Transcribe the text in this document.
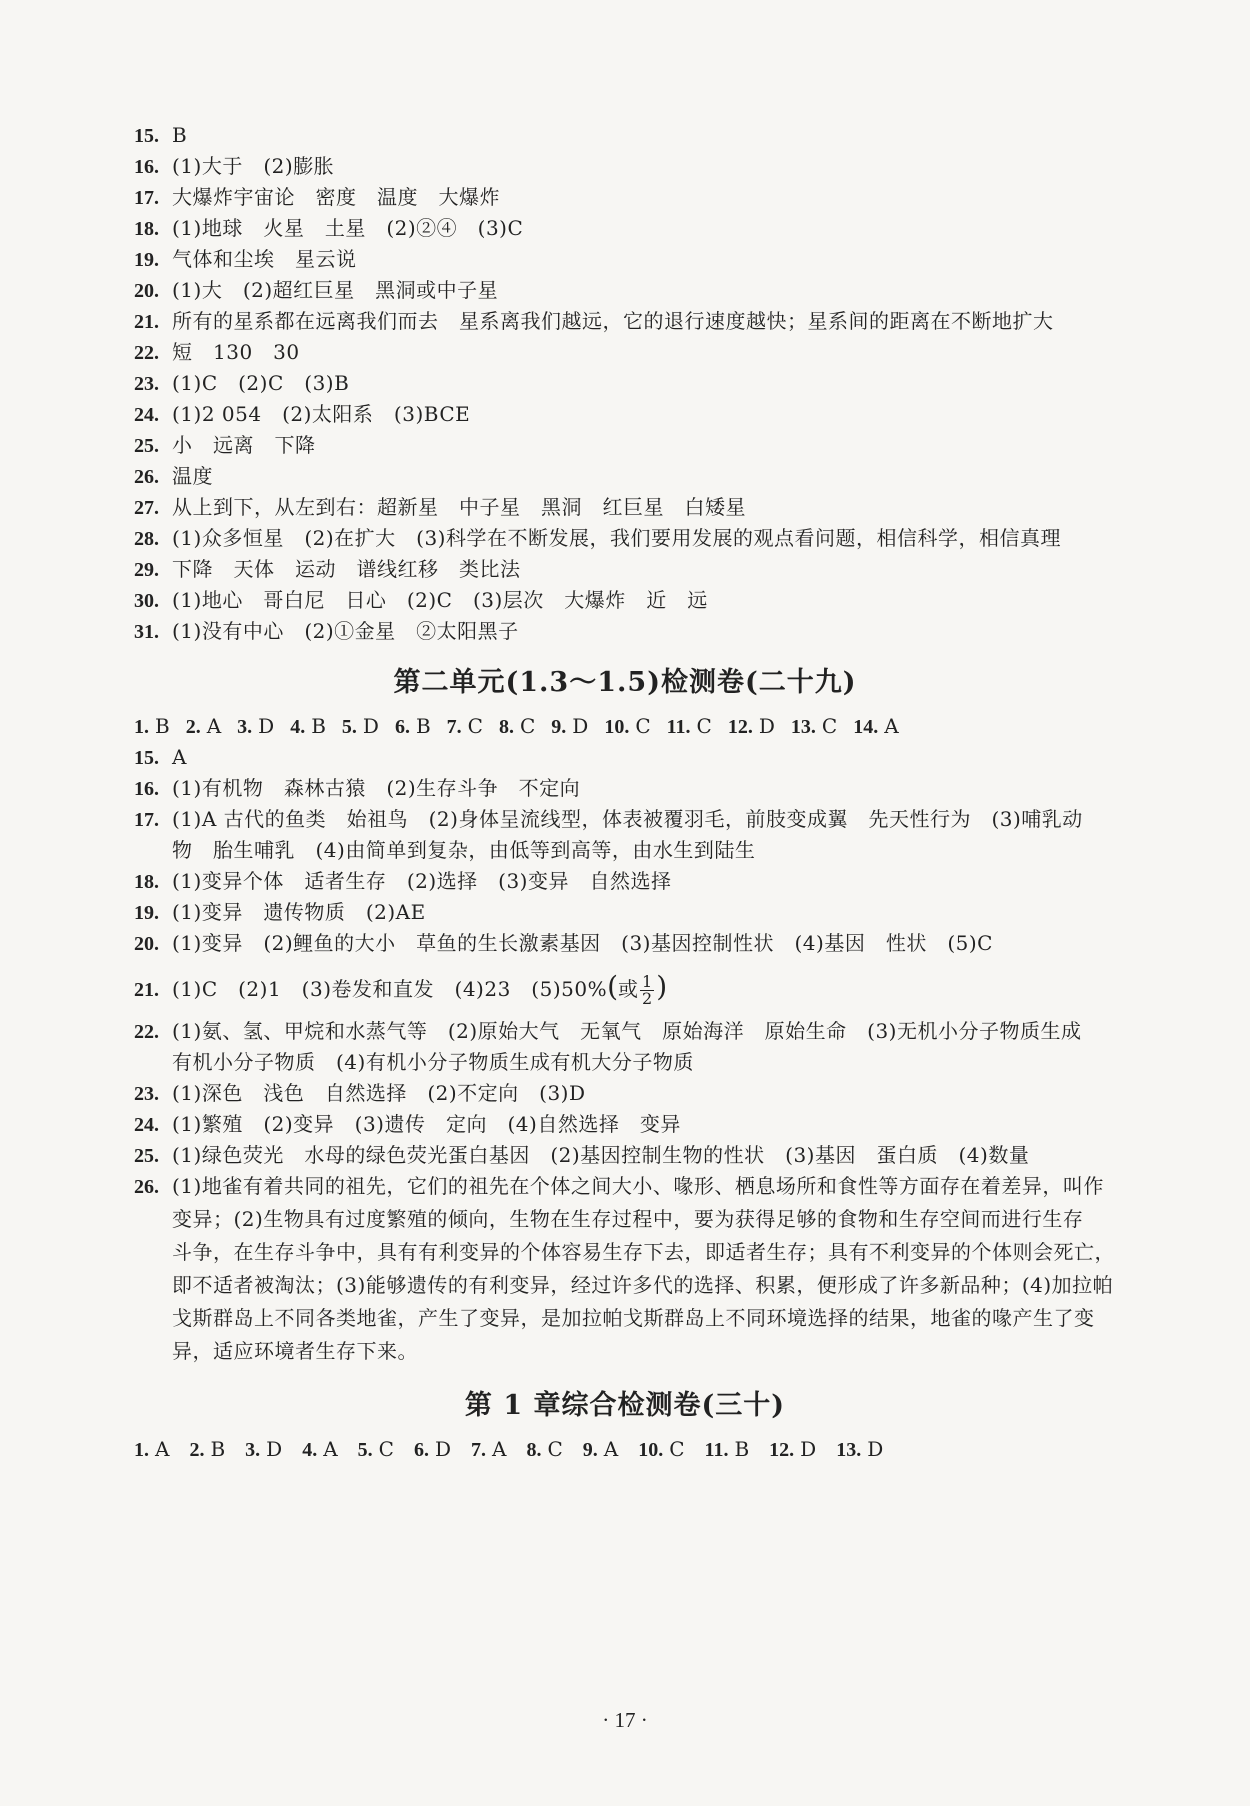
15. B
16. (1)大于　(2)膨胀
17. 大爆炸宇宙论　密度　温度　大爆炸
18. (1)地球　火星　土星　(2)②④　(3)C
19. 气体和尘埃　星云说
20. (1)大　(2)超红巨星　黑洞或中子星
21. 所有的星系都在远离我们而去　星系离我们越远，它的退行速度越快；星系间的距离在不断地扩大
22. 短　130　30
23. (1)C　(2)C　(3)B
24. (1)2 054　(2)太阳系　(3)BCE
25. 小　远离　下降
26. 温度
27. 从上到下，从左到右：超新星　中子星　黑洞　红巨星　白矮星
28. (1)众多恒星　(2)在扩大　(3)科学在不断发展，我们要用发展的观点看问题，相信科学，相信真理
29. 下降　天体　运动　谱线红移　类比法
30. (1)地心　哥白尼　日心　(2)C　(3)层次　大爆炸　近　远
31. (1)没有中心　(2)①金星　②太阳黑子
第二单元(1.3～1.5)检测卷(二十九)
1. B 2. A 3. D 4. B 5. D 6. B 7. C 8. C 9. D 10. C 11. C 12. D 13. C 14. A
15. A
16. (1)有机物　森林古猿　(2)生存斗争　不定向
17. (1)A 古代的鱼类　始祖鸟　(2)身体呈流线型，体表被覆羽毛，前肢变成翼　先天性行为　(3)哺乳动
物　胎生哺乳　(4)由简单到复杂，由低等到高等，由水生到陆生
18. (1)变异个体　适者生存　(2)选择　(3)变异　自然选择
19. (1)变异　遗传物质　(2)AE
20. (1)变异　(2)鲤鱼的大小　草鱼的生长激素基因　(3)基因控制性状　(4)基因　性状　(5)C
21. (1)C　(2)1　(3)卷发和直发　(4)23　(5)50%(或 $\frac{1}{2}$ )
22. (1)氨、氢、甲烷和水蒸气等　(2)原始大气　无氧气　原始海洋　原始生命　(3)无机小分子物质生成
有机小分子物质　(4)有机小分子物质生成有机大分子物质
23. (1)深色　浅色　自然选择　(2)不定向　(3)D
24. (1)繁殖　(2)变异　(3)遗传　定向　(4)自然选择　变异
25. (1)绿色荧光　水母的绿色荧光蛋白基因　(2)基因控制生物的性状　(3)基因　蛋白质　(4)数量
26. (1)地雀有着共同的祖先，它们的祖先在个体之间大小、喙形、栖息场所和食性等方面存在着差异，叫作
变异；(2)生物具有过度繁殖的倾向，生物在生存过程中，要为获得足够的食物和生存空间而进行生存
斗争，在生存斗争中，具有有利变异的个体容易生存下去，即适者生存；具有不利变异的个体则会死亡，
即不适者被淘汰；(3)能够遗传的有利变异，经过许多代的选择、积累，便形成了许多新品种；(4)加拉帕
戈斯群岛上不同各类地雀，产生了变异，是加拉帕戈斯群岛上不同环境选择的结果，地雀的喙产生了变
异，适应环境者生存下来。
第 1 章综合检测卷(三十)
1. A 2. B 3. D 4. A 5. C 6. D 7. A 8. C 9. A 10. C 11. B 12. D 13. D
· 17 ·
